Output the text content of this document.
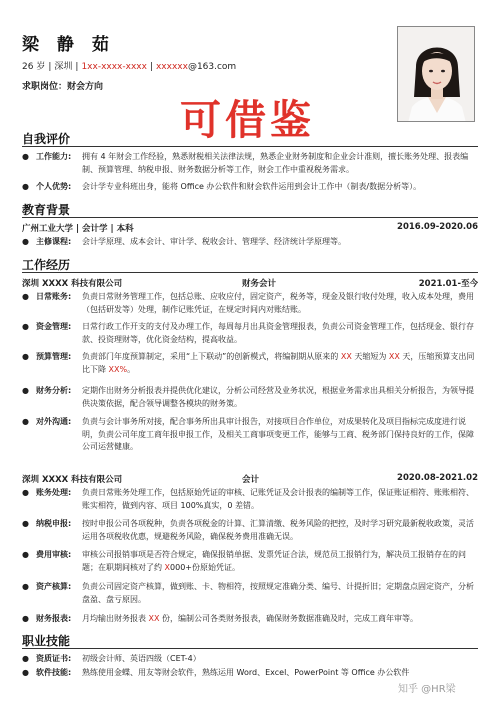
梁 静 茹
26 岁 | 深圳 | 1xx-xxxx-xxxx | xxxxxx@163.com
求职岗位：财会方向
可借鉴
自我评价
● 工作能力:	拥有 4 年财会工作经验，熟悉财税相关法律法规，熟悉企业财务制度和企业会计准则，擅长账务处理、报表编制、预算管理、纳税申报、财务数据分析等工作，财会工作中重视税务需求。
● 个人优势:	会计学专业科班出身，能将 Office 办公软件和财会软件运用到会计工作中（制表/数据分析等）。
教育背景
广州工业大学 | 会计学 | 本科	2016.09-2020.06
● 主修课程:	会计学原理、成本会计、审计学、税收会计、管理学、经济统计学原理等。
工作经历
深圳 XXXX 科技有限公司	财务会计	2021.01-至今
● 日常账务:	负责日常财务管理工作，包括总账、应收应付，固定资产，税务等，现金及银行收付处理，收入成本处理，费用（包括研发等）处理，制作记账凭证，在规定时间内对账结账。
● 资金管理:	日常行政工作开支的支付及办理工作，每周每月出具资金管理报表，负责公司资金管理工作，包括现金、银行存款、投资理财等，优化资金结构，提高收益。
● 预算管理:	负责部门年度预算制定，采用“上下联动”的创新模式，将编制期从原来的 XX 天缩短为 XX 天，压缩预算支出同比下降 XX%。
● 财务分析:	定期作出财务分析报表并提供优化建议，分析公司经营及业务状况，根据业务需求出具相关分析报告，为领导提供决策依据，配合领导调整各模块的财务策。
● 对外沟通:	负责与会计事务所对接，配合事务所出具审计报告，对接项目合作单位，对成果转化及项目指标完成度进行说明，负责公司年度工商年报申报工作，及相关工商事项变更工作，能够与工商、税务部门保持良好的工作，保障公司运营健康。
深圳 XXXX 科技有限公司	会计	2020.08-2021.02
● 账务处理:	负责日常账务处理工作，包括原始凭证的审核、记账凭证及会计报表的编制等工作，保证账证相符、账账相符、账实相符，做到内容、项目 100%真实，0 差错。
● 纳税申报:	按时申报公司各项税种，负责各项税金的计算、汇算清缴、税务风险的把控，及时学习研究最新税收政策，灵活运用各项税收优惠，规避税务风险，确保税务费用准确无误。
● 费用审核:	审核公司报销事项是否符合规定，确保报销单据、发票凭证合法，规范员工报销行为，解决员工报销存在的问题；在职期间核对了约 X000+份原始凭证。
● 资产核算:	负责公司固定资产核算，做到账、卡、物相符，按照规定准确分类、编号、计提折旧；定期盘点固定资产，分析盘盈、盘亏原因。
● 财务报表:	月均输出财务报表 XX 份，编制公司各类财务报表，确保财务数据准确及时，完成工商年审等。
职业技能
● 资质证书:	初级会计师、英语四级（CET-4）
● 软件技能:	熟练使用金蝶、用友等财会软件，熟练运用 Word、Excel、PowerPoint 等 Office 办公软件
知乎 @HR梁
